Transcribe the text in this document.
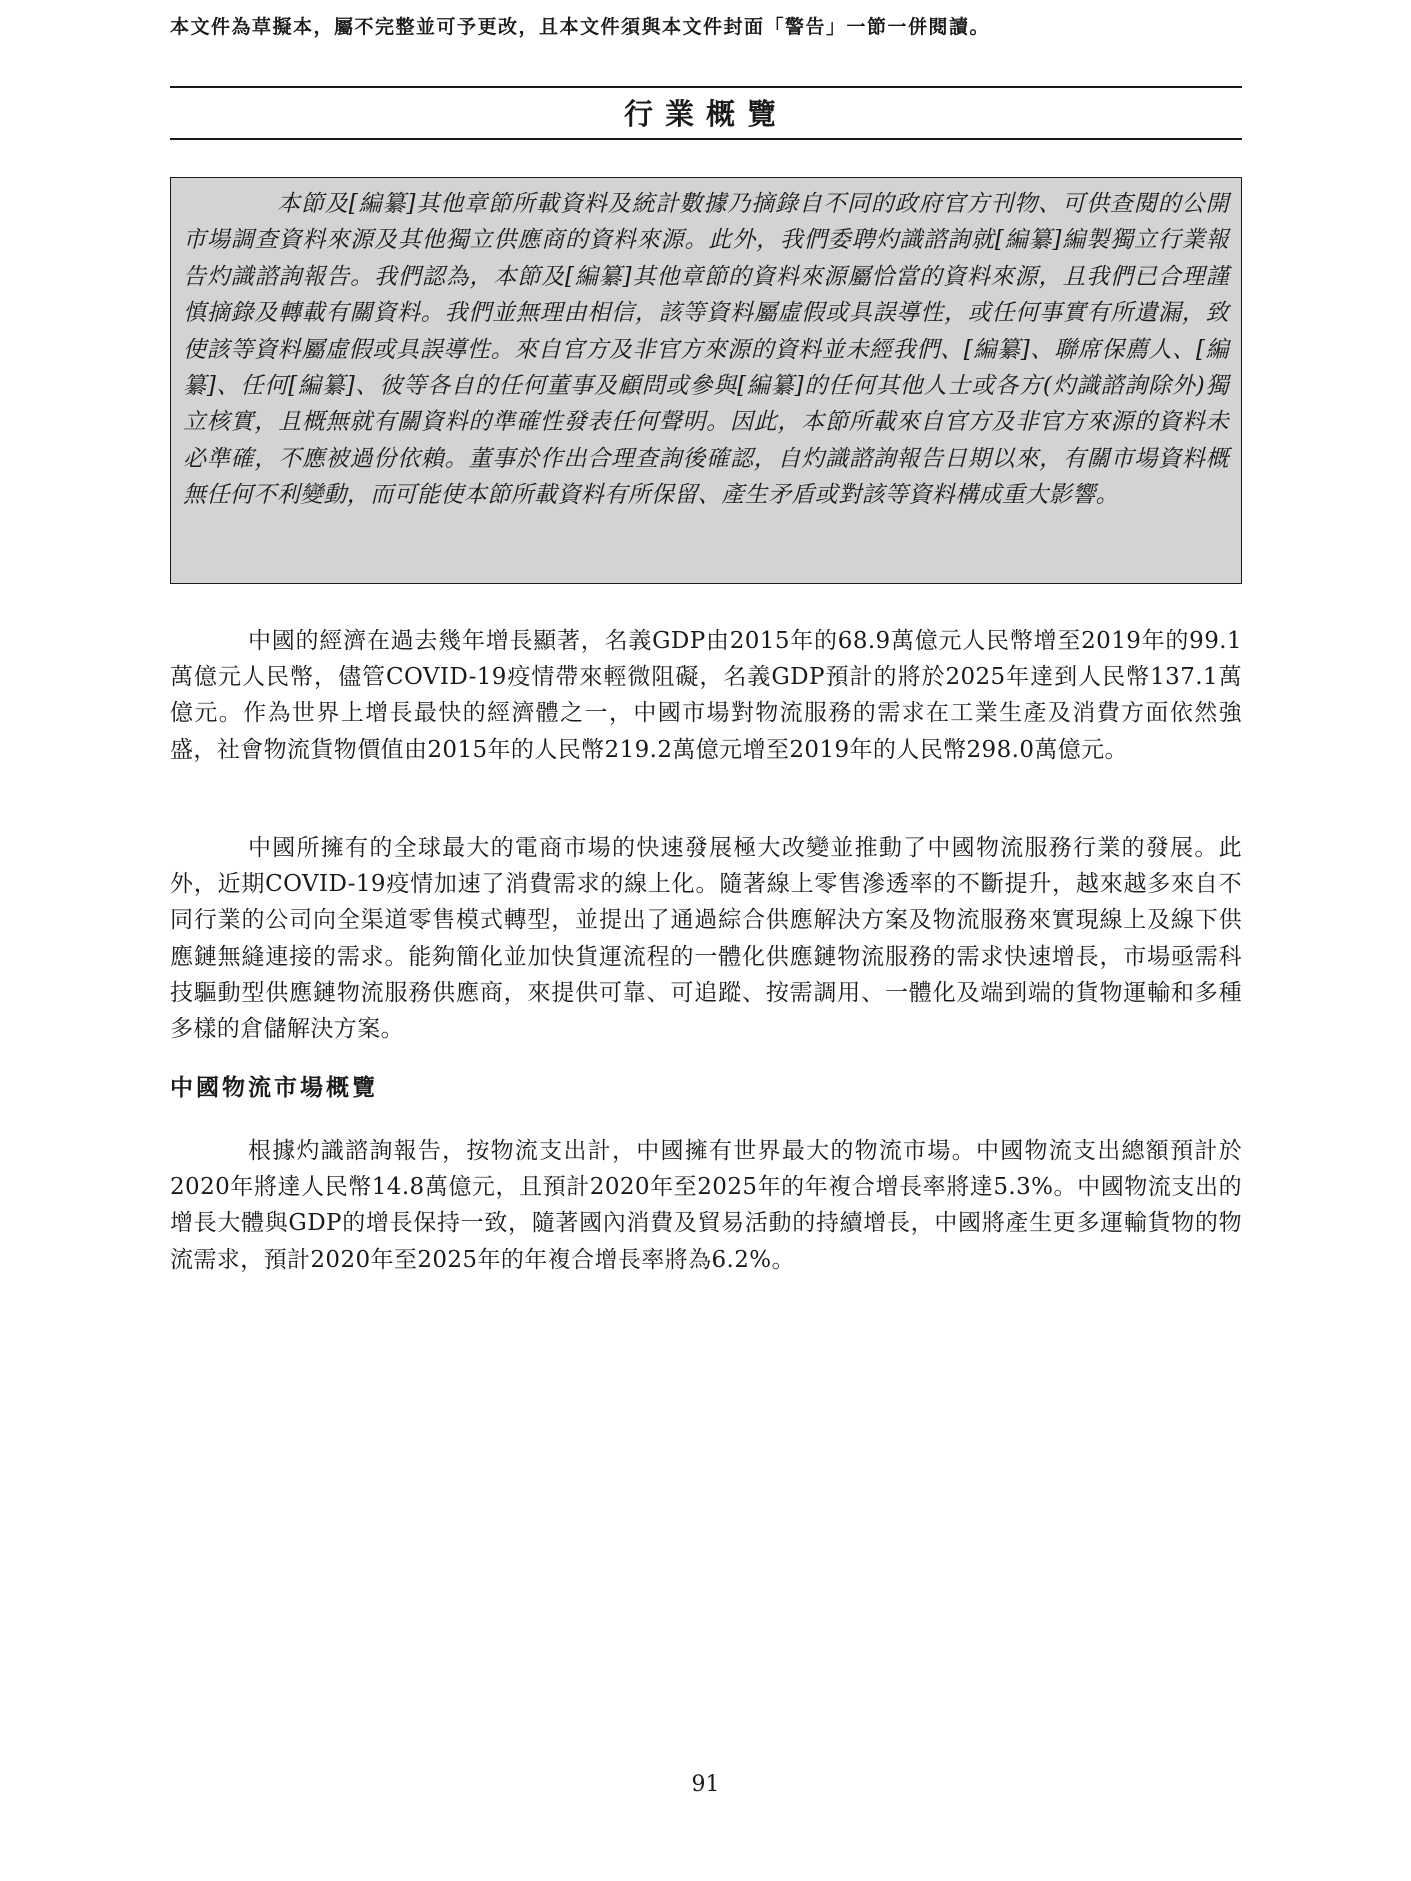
本文件為草擬本，屬不完整並可予更改，且本文件須與本文件封面「警告」一節一併閱讀。
行業概覽

本節及[編纂]其他章節所載資料及統計數據乃摘錄自不同的政府官方刊物、可供查閱的公開市場調查資料來源及其他獨立供應商的資料來源。此外，我們委聘灼識諮詢就[編纂]編製獨立行業報告灼識諮詢報告。我們認為，本節及[編纂]其他章節的資料來源屬恰當的資料來源，且我們已合理謹慎摘錄及轉載有關資料。我們並無理由相信，該等資料屬虛假或具誤導性，或任何事實有所遺漏，致使該等資料屬虛假或具誤導性。來自官方及非官方來源的資料並未經我們、[編纂]、聯席保薦人、[編纂]、任何[編纂]、彼等各自的任何董事及顧問或參與[編纂]的任何其他人士或各方(灼識諮詢除外)獨立核實，且概無就有關資料的準確性發表任何聲明。因此，本節所載來自官方及非官方來源的資料未必準確，不應被過份依賴。董事於作出合理查詢後確認，自灼識諮詢報告日期以來，有關市場資料概無任何不利變動，而可能使本節所載資料有所保留、產生矛盾或對該等資料構成重大影響。

中國的經濟在過去幾年增長顯著，名義GDP由2015年的68.9萬億元人民幣增至2019年的99.1萬億元人民幣，儘管COVID-19疫情帶來輕微阻礙，名義GDP預計的將於2025年達到人民幣137.1萬億元。作為世界上增長最快的經濟體之一，中國市場對物流服務的需求在工業生產及消費方面依然強盛，社會物流貨物價值由2015年的人民幣219.2萬億元增至2019年的人民幣298.0萬億元。

中國所擁有的全球最大的電商市場的快速發展極大改變並推動了中國物流服務行業的發展。此外，近期COVID-19疫情加速了消費需求的線上化。隨著線上零售滲透率的不斷提升，越來越多來自不同行業的公司向全渠道零售模式轉型，並提出了通過綜合供應解決方案及物流服務來實現線上及線下供應鏈無縫連接的需求。能夠簡化並加快貨運流程的一體化供應鏈物流服務的需求快速增長，市場亟需科技驅動型供應鏈物流服務供應商，來提供可靠、可追蹤、按需調用、一體化及端到端的貨物運輸和多種多樣的倉儲解決方案。

中國物流市場概覽

根據灼識諮詢報告，按物流支出計，中國擁有世界最大的物流市場。中國物流支出總額預計於2020年將達人民幣14.8萬億元，且預計2020年至2025年的年複合增長率將達5.3%。中國物流支出的增長大體與GDP的增長保持一致，隨著國內消費及貿易活動的持續增長，中國將產生更多運輸貨物的物流需求，預計2020年至2025年的年複合增長率將為6.2%。

91
